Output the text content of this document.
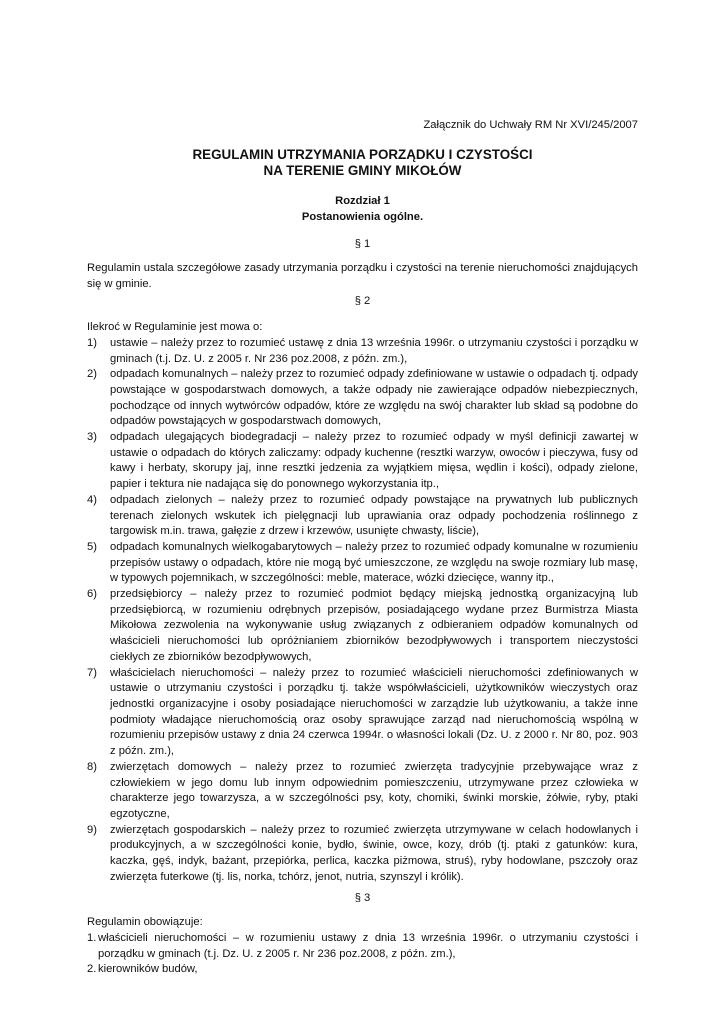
Załącznik do Uchwały RM Nr XVI/245/2007

REGULAMIN UTRZYMANIA PORZĄDKU I CZYSTOŚCI
NA TERENIE GMINY MIKOŁÓW
Rozdział 1
Postanowienia ogólne.
§ 1

Regulamin ustala szczegółowe zasady utrzymania porządku i czystości na terenie nieruchomości znajdujących się w gminie.

§ 2

Ilekroć w Regulaminie jest mowa o:

1) ustawie – należy przez to rozumieć ustawę z dnia 13 września 1996r. o utrzymaniu czystości i porządku w gminach (t.j. Dz. U. z 2005 r. Nr 236 poz.2008, z późn. zm.),
2) odpadach komunalnych – należy przez to rozumieć odpady zdefiniowane w ustawie o odpadach tj. odpady powstające w gospodarstwach domowych, a także odpady nie zawierające odpadów niebezpiecznych, pochodzące od innych wytwórców odpadów, które ze względu na swój charakter lub skład są podobne do odpadów powstających w gospodarstwach domowych,
3) odpadach ulegających biodegradacji – należy przez to rozumieć odpady w myśl definicji zawartej w ustawie o odpadach do których zaliczamy: odpady kuchenne (resztki warzyw, owoców i pieczywa, fusy od kawy i herbaty, skorupy jaj, inne resztki jedzenia za wyjątkiem mięsa, wędlin i kości), odpady zielone, papier i tektura nie nadająca się do ponownego wykorzystania itp.,
4) odpadach zielonych – należy przez to rozumieć odpady powstające na prywatnych lub publicznych terenach zielonych wskutek ich pielęgnacji lub uprawiania oraz odpady pochodzenia roślinnego z targowisk m.in. trawa, gałęzie z drzew i krzewów, usunięte chwasty, liście),
5) odpadach komunalnych wielkogabarytowych – należy przez to rozumieć odpady komunalne w rozumieniu przepisów ustawy o odpadach, które nie mogą być umieszczone, ze względu na swoje rozmiary lub masę, w typowych pojemnikach, w szczególności: meble, materace, wózki dziecięce, wanny itp.,
6) przedsiębiorcy – należy przez to rozumieć podmiot będący miejską jednostką organizacyjną lub przedsiębiorcą, w rozumieniu odrębnych przepisów, posiadającego wydane przez Burmistrza Miasta Mikołowa zezwolenia na wykonywanie usług związanych z odbieraniem odpadów komunalnych od właścicieli nieruchomości lub opróżnianiem zbiorników bezodpływowych i transportem nieczystości ciekłych ze zbiorników bezodpływowych,
7) właścicielach nieruchomości – należy przez to rozumieć właścicieli nieruchomości zdefiniowanych w ustawie o utrzymaniu czystości i porządku tj. także współwłaścicieli, użytkowników wieczystych oraz jednostki organizacyjne i osoby posiadające nieruchomości w zarządzie lub użytkowaniu, a także inne podmioty władające nieruchomością oraz osoby sprawujące zarząd nad nieruchomością wspólną w rozumieniu przepisów ustawy z dnia 24 czerwca 1994r. o własności lokali (Dz. U. z 2000 r. Nr 80, poz. 903 z późn. zm.),
8) zwierzętach domowych – należy przez to rozumieć zwierzęta tradycyjnie przebywające wraz z człowiekiem w jego domu lub innym odpowiednim pomieszczeniu, utrzymywane przez człowieka w charakterze jego towarzysza, a w szczególności psy, koty, chomiki, świnki morskie, żółwie, ryby, ptaki egzotyczne,
9) zwierzętach gospodarskich – należy przez to rozumieć zwierzęta utrzymywane w celach hodowlanych i produkcyjnych, a w szczególności konie, bydło, świnie, owce, kozy, drób (tj. ptaki z gatunków: kura, kaczka, gęś, indyk, bażant, przepiórka, perlica, kaczka piżmowa, struś), ryby hodowlane, pszczoły oraz zwierzęta futerkowe (tj. lis, norka, tchórz, jenot, nutria, szynszyl i królik).
§ 3

Regulamin obowiązuje:

1. właścicieli nieruchomości – w rozumieniu ustawy z dnia 13 września 1996r. o utrzymaniu czystości i porządku w gminach (t.j. Dz. U. z 2005 r. Nr 236 poz.2008, z późn. zm.),
2. kierowników budów,
